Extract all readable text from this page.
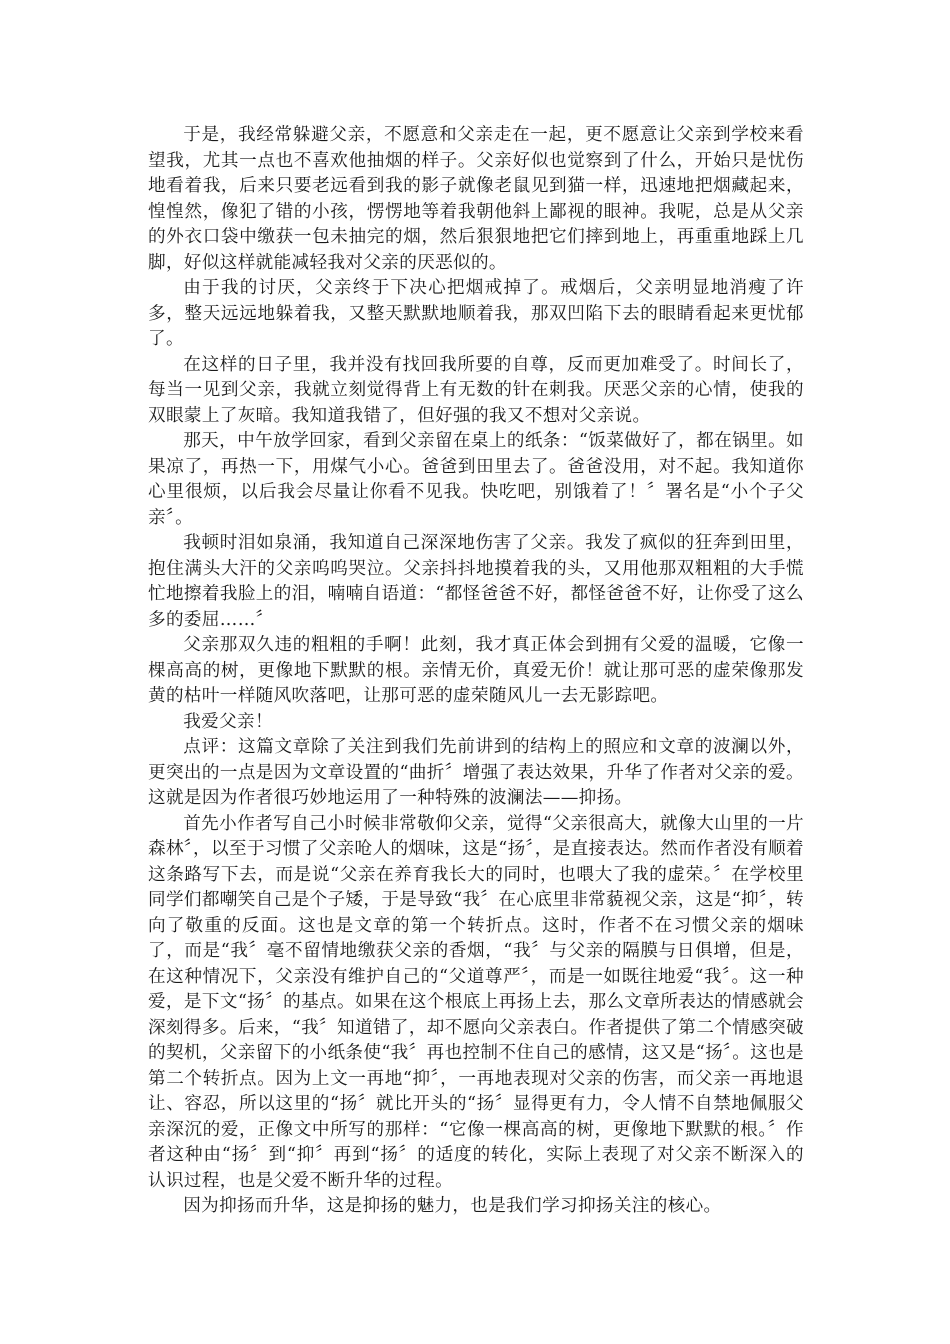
于是，我经常躲避父亲，不愿意和父亲走在一起，更不愿意让父亲到学校来看望我，尤其一点也不喜欢他抽烟的样子。父亲好似也觉察到了什么，开始只是忧伤地看着我，后来只要老远看到我的影子就像老鼠见到猫一样，迅速地把烟藏起来，惶惶然，像犯了错的小孩，愣愣地等着我朝他斜上鄙视的眼神。我呢，总是从父亲的外衣口袋中缴获一包未抽完的烟，然后狠狠地把它们摔到地上，再重重地踩上几脚，好似这样就能减轻我对父亲的厌恶似的。

由于我的讨厌，父亲终于下决心把烟戒掉了。戒烟后，父亲明显地消瘦了许多，整天远远地躲着我，又整天默默地顺着我，那双凹陷下去的眼睛看起来更忧郁了。

在这样的日子里，我并没有找回我所要的自尊，反而更加难受了。时间长了，每当一见到父亲，我就立刻觉得背上有无数的针在刺我。厌恶父亲的心情，使我的双眼蒙上了灰暗。我知道我错了，但好强的我又不想对父亲说。

那天，中午放学回家，看到父亲留在桌上的纸条：“饭菜做好了，都在锅里。如果凉了，再热一下，用煤气小心。爸爸到田里去了。爸爸没用，对不起。我知道你心里很烦，以后我会尽量让你看不见我。快吃吧，别饿着了！〞署名是“小个子父亲〞。

我顿时泪如泉涌，我知道自己深深地伤害了父亲。我发了疯似的狂奔到田里，抱住满头大汗的父亲呜呜哭泣。父亲抖抖地摸着我的头，又用他那双粗粗的大手慌忙地擦着我脸上的泪，喃喃自语道：“都怪爸爸不好，都怪爸爸不好，让你受了这么多的委屈……〞

父亲那双久违的粗粗的手啊！此刻，我才真正体会到拥有父爱的温暖，它像一棵高高的树，更像地下默默的根。亲情无价，真爱无价！就让那可恶的虚荣像那发黄的枯叶一样随风吹落吧，让那可恶的虚荣随风儿一去无影踪吧。

我爱父亲！

点评：这篇文章除了关注到我们先前讲到的结构上的照应和文章的波澜以外，更突出的一点是因为文章设置的“曲折〞增强了表达效果，升华了作者对父亲的爱。这就是因为作者很巧妙地运用了一种特殊的波澜法——抑扬。

首先小作者写自己小时候非常敬仰父亲，觉得“父亲很高大，就像大山里的一片森林〞，以至于习惯了父亲呛人的烟味，这是“扬〞，是直接表达。然而作者没有顺着这条路写下去，而是说“父亲在养育我长大的同时，也喂大了我的虚荣。〞在学校里同学们都嘲笑自己是个子矮，于是导致“我〞在心底里非常藐视父亲，这是“抑〞，转向了敬重的反面。这也是文章的第一个转折点。这时，作者不在习惯父亲的烟味了，而是“我〞毫不留情地缴获父亲的香烟，“我〞与父亲的隔膜与日俱增，但是，在这种情况下，父亲没有维护自己的“父道尊严〞，而是一如既往地爱“我〞。这一种爱，是下文“扬〞的基点。如果在这个根底上再扬上去，那么文章所表达的情感就会深刻得多。后来，“我〞知道错了，却不愿向父亲表白。作者提供了第二个情感突破的契机，父亲留下的小纸条使“我〞再也控制不住自己的感情，这又是“扬〞。这也是第二个转折点。因为上文一再地“抑〞，一再地表现对父亲的伤害，而父亲一再地退让、容忍，所以这里的“扬〞就比开头的“扬〞显得更有力，令人情不自禁地佩服父亲深沉的爱，正像文中所写的那样：“它像一棵高高的树，更像地下默默的根。〞作者这种由“扬〞到“抑〞再到“扬〞的适度的转化，实际上表现了对父亲不断深入的认识过程，也是父爱不断升华的过程。

因为抑扬而升华，这是抑扬的魅力，也是我们学习抑扬关注的核心。
